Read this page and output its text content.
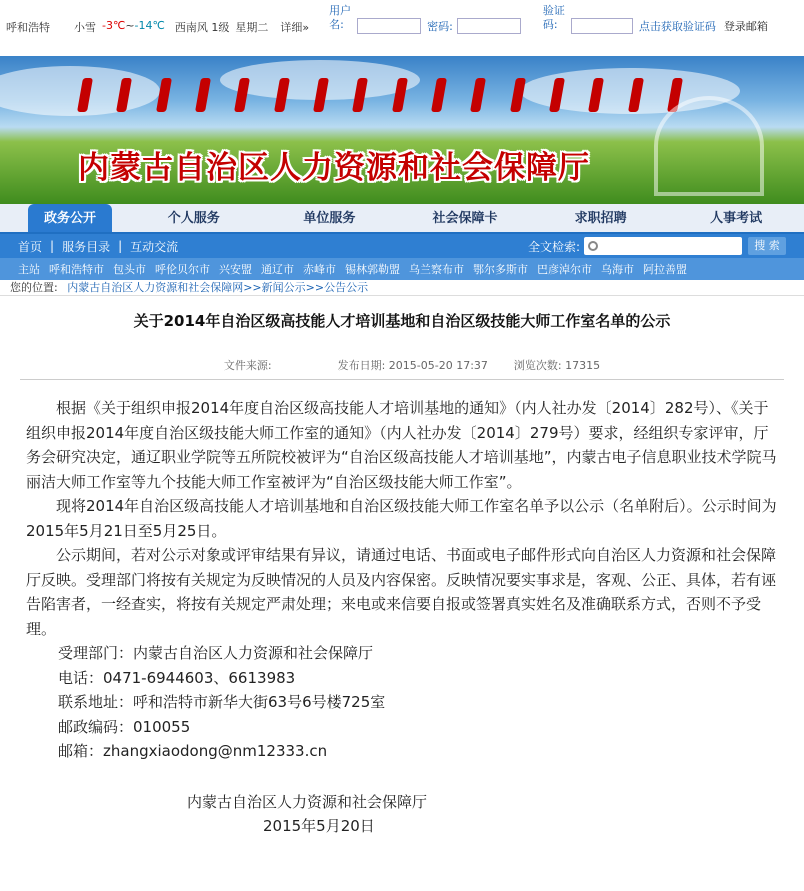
呼和浩特 小雪 -3℃~-14℃ 西南风 1级 星期二 详细»
用户名:	密码:
验证码:	点击获取验证码 登录邮箱
内蒙古自治区人力资源和社会保障厅
政务公开	个人服务	单位服务	社会保障卡	求职招聘	人事考试
首页 | 服务目录 | 互动交流	全文检索:	搜 索
主站 呼和浩特市 包头市 呼伦贝尔市 兴安盟 通辽市 赤峰市 锡林郭勒盟 乌兰察布市 鄂尔多斯市 巴彦淖尔市 乌海市 阿拉善盟
您的位置: 内蒙古自治区人力资源和社会保障网>>新闻公示>>公告公示
关于2014年自治区级高技能人才培训基地和自治区级技能大师工作室名单的公示
文件来源:	发布日期: 2015-05-20 17:37 浏览次数: 17315

根据《关于组织申报2014年度自治区级高技能人才培训基地的通知》（内人社办发〔2014〕282号）、《关于组织申报2014年度自治区级技能大师工作室的通知》（内人社办发〔2014〕279号）要求，经组织专家评审，厅务会研究决定，通辽职业学院等五所院校被评为“自治区级高技能人才培训基地”，内蒙古电子信息职业技术学院马丽洁大师工作室等九个技能大师工作室被评为“自治区级技能大师工作室”。

现将2014年自治区级高技能人才培训基地和自治区级技能大师工作室名单予以公示（名单附后）。公示时间为2015年5月21日至5月25日。

公示期间，若对公示对象或评审结果有异议，请通过电话、书面或电子邮件形式向自治区人力资源和社会保障厅反映。受理部门将按有关规定为反映情况的人员及内容保密。反映情况要实事求是，客观、公正、具体，若有诬告陷害者，一经查实，将按有关规定严肃处理；来电或来信要自报或签署真实姓名及准确联系方式，否则不予受理。

受理部门：内蒙古自治区人力资源和社会保障厅
电话：0471-6944603、6613983
联系地址：呼和浩特市新华大街63号6号楼725室
邮政编码：010055
邮箱：zhangxiaodong@nm12333.cn
内蒙古自治区人力资源和社会保障厅
2015年5月20日
